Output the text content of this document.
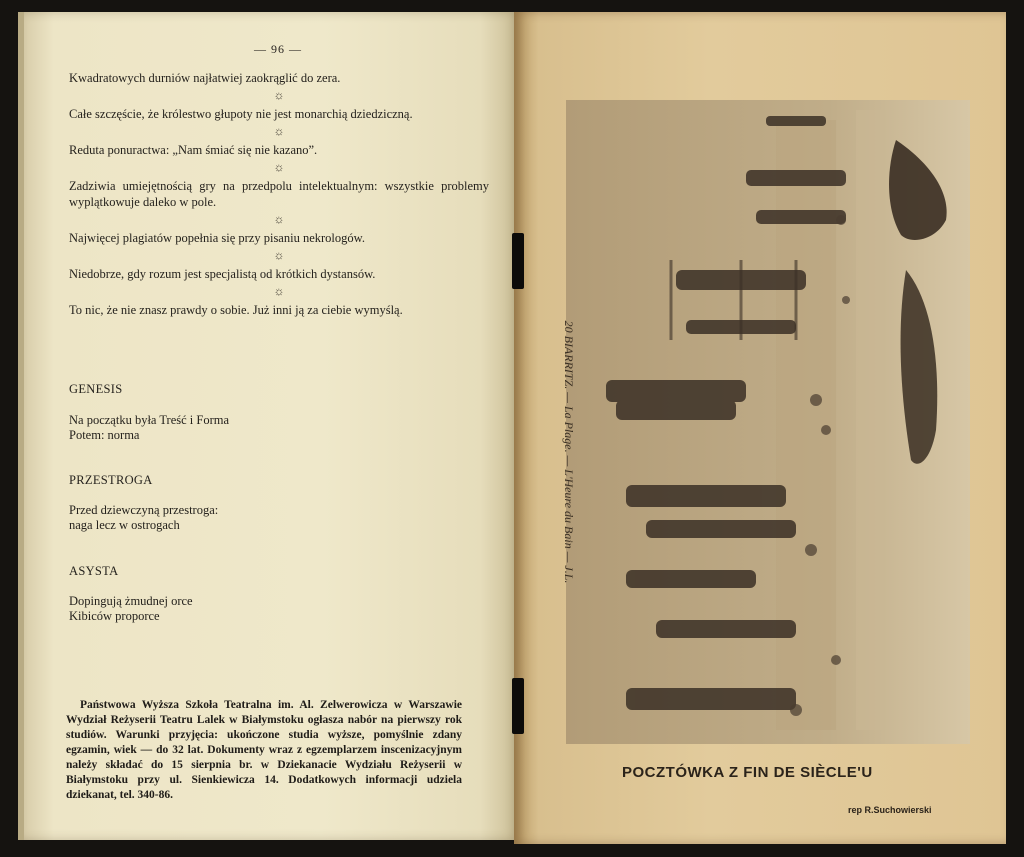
— 96 —

Kwadratowych durniów najłatwiej zaokrąglić do zera.

☼

Całe szczęście, że królestwo głupoty nie jest monarchią dziedziczną.

☼

Reduta ponuractwa: „Nam śmiać się nie kazano”.

☼

Zadziwia umiejętnością gry na przedpolu intelektualnym: wszystkie problemy wyplątkowuje daleko w pole.

☼

Najwięcej plagiatów popełnia się przy pisaniu nekrologów.

☼

Niedobrze, gdy rozum jest specjalistą od krótkich dystansów.

☼

To nic, że nie znasz prawdy o sobie. Już inni ją za ciebie wymyślą.

GENESIS
Na początku była Treść i Forma
Potem: norma
PRZESTROGA
Przed dziewczyną przestroga:
naga lecz w ostrogach
ASYSTA
Dopingują żmudnej orce
Kibiców proporce
Państwowa Wyższa Szkoła Teatralna im. Al. Zelwerowicza w Warszawie Wydział Reżyserii Teatru Lalek w Białymstoku ogłasza nabór na pierwszy rok studiów. Warunki przyjęcia: ukończone studia wyższe, pomyślnie zdany egzamin, wiek — do 32 lat. Dokumenty wraz z egzemplarzem inscenizacyjnym należy składać do 15 sierpnia br. w Dziekanacie Wydziału Reżyserii w Białymstoku przy ul. Sienkiewicza 14. Dodatkowych informacji udziela dziekanat, tel. 340-86.
20 BIARRITZ. — La Plage. — L'Heure du Bain — J.L.
POCZTÓWKA Z FIN DE SIÈCLE'U
rep R.Suchowierski
